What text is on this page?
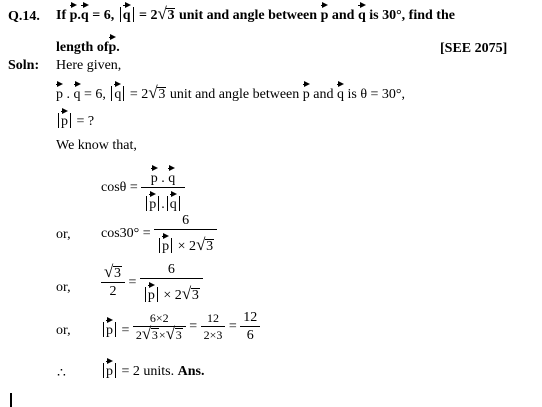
Q.14. If p.q = 6, q = 2 √ 3 unit and angle between p and q is 30°, find the
length ofp.	[SEE 2075]
Soln: Here given,
p . q = 6, q = 2 √ 3 unit and angle between p and q is θ = 30°,
p = ?
We know that,
$\cos\theta = \frac{p . q}{p . q}$
or, $\cos 30^\circ = \frac{6}{p \times 2 √ 3}$
or, $\frac{√ 3}{2} = \frac{6}{p \times 2 √ 3}$
or,	$p = \frac{6\times 2}{2 √ 3\times √ 3} = \frac{12}{2\times 3} = \frac{12}{6}$
∴	p = 2 units. Ans.
